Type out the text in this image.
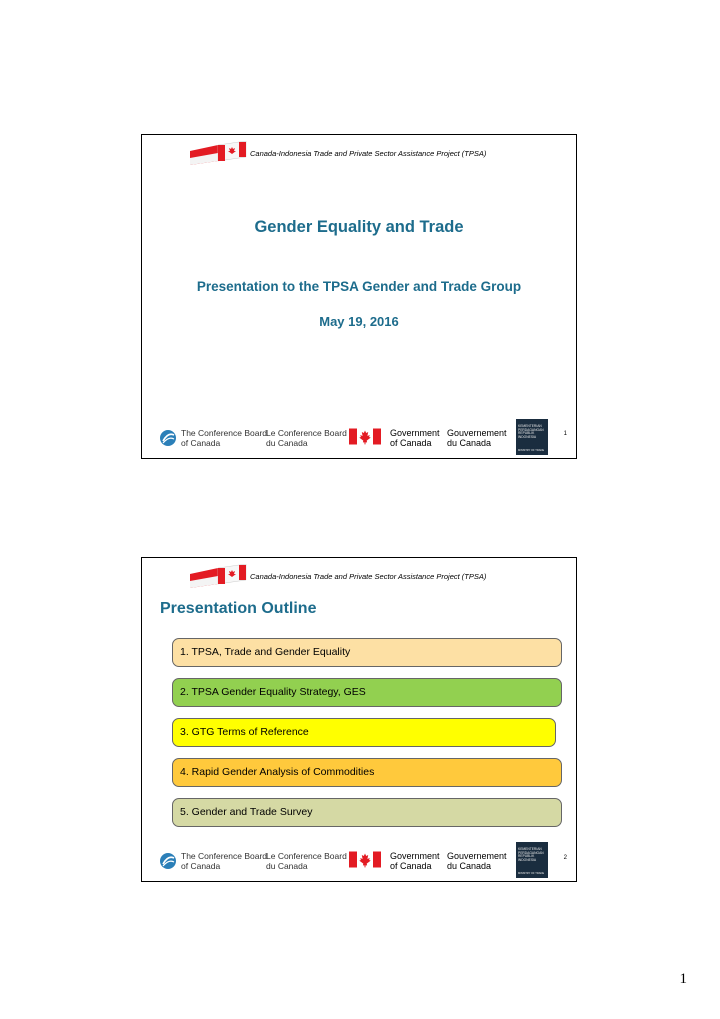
Canada-Indonesia Trade and Private Sector Assistance Project (TPSA)
Gender Equality and Trade
Presentation to the TPSA Gender and Trade Group
May 19, 2016
1
The Conference Board
of Canada
Le Conference Board
du Canada
Government
of Canada
Gouvernement
du Canada
KEMENTERIAN
PERDAGANGAN
REPUBLIK INDONESIA
MINISTRY OF TRADE
Canada-Indonesia Trade and Private Sector Assistance Project (TPSA)
Presentation Outline
1. TPSA, Trade and Gender Equality
2. TPSA Gender Equality Strategy, GES
3. GTG Terms of Reference
4. Rapid Gender Analysis of Commodities
5. Gender and Trade Survey
2
The Conference Board
of Canada
Le Conference Board
du Canada
Government
of Canada
Gouvernement
du Canada
KEMENTERIAN
PERDAGANGAN
REPUBLIK INDONESIA
MINISTRY OF TRADE
1
